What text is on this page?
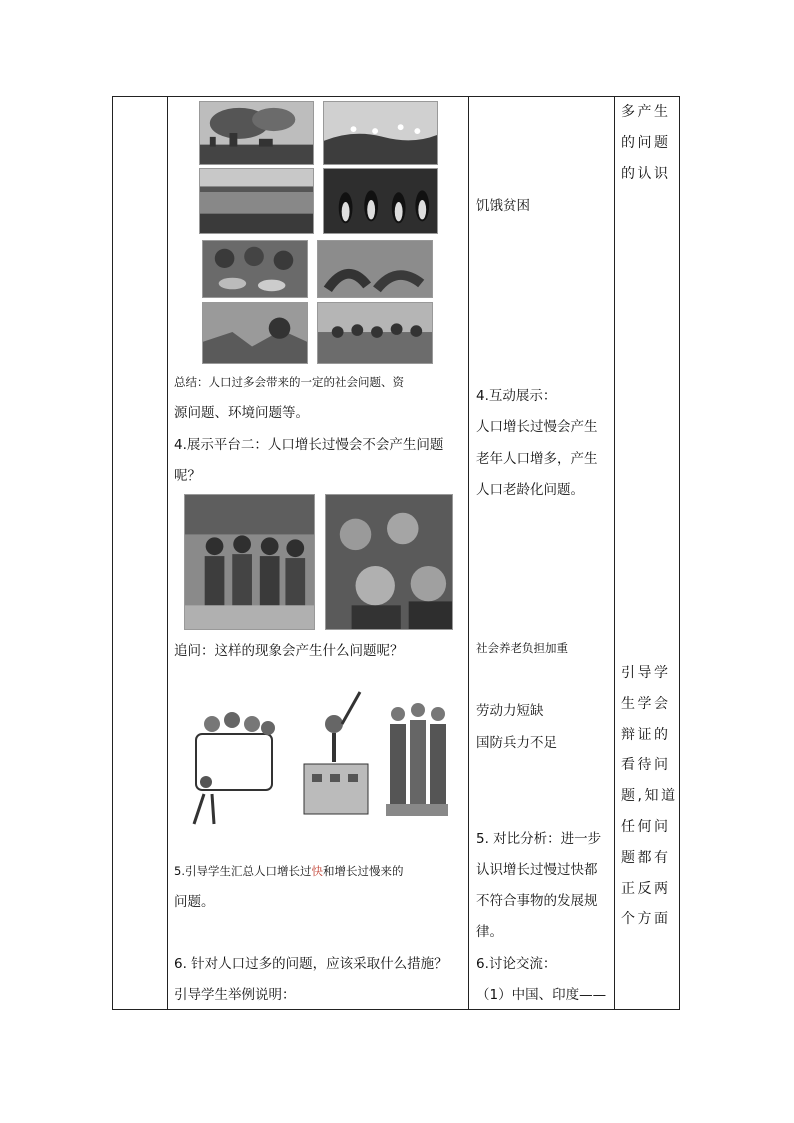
总结：人口过多会带来的一定的社会问题、资
源问题、环境问题等。
4.展示平台二：人口增长过慢会不会产生问题
呢？
追问：这样的现象会产生什么问题呢？
5.引导学生汇总人口增长过快和增长过慢来的
问题。
6. 针对人口过多的问题，应该采取什么措施？
引导学生举例说明：
饥饿贫困
4.互动展示：
人口增长过慢会产生
老年人口增多，产生
人口老龄化问题。
社会养老负担加重
劳动力短缺
国防兵力不足
5. 对比分析：进一步
认识增长过慢过快都
不符合事物的发展规
律。
6.讨论交流：
（1）中国、印度——
多产生的问题的认识
引导学生学会辩证的看待问题,知道任何问题都有正反两个方面
